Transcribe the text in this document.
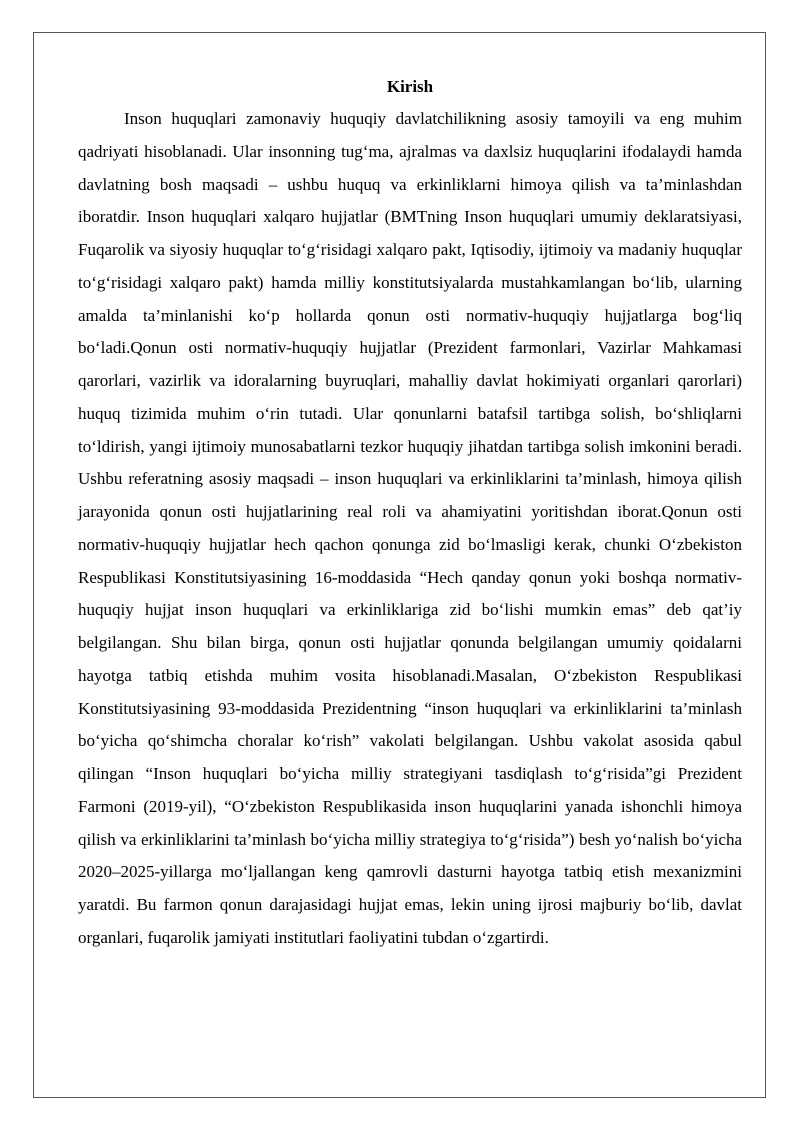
Kirish

Inson huquqlari zamonaviy huquqiy davlatchilikning asosiy tamoyili va eng muhim qadriyati hisoblanadi. Ular insonning tug‘ma, ajralmas va daxlsiz huquqlarini ifodalaydi hamda davlatning bosh maqsadi – ushbu huquq va erkinliklarni himoya qilish va ta’minlashdan iboratdir. Inson huquqlari xalqaro hujjatlar (BMTning Inson huquqlari umumiy deklaratsiyasi, Fuqarolik va siyosiy huquqlar to‘g‘risidagi xalqaro pakt, Iqtisodiy, ijtimoiy va madaniy huquqlar to‘g‘risidagi xalqaro pakt) hamda milliy konstitutsiyalarda mustahkamlangan bo‘lib, ularning amalda ta’minlanishi ko‘p hollarda qonun osti normativ-huquqiy hujjatlarga bog‘liq bo‘ladi.Qonun osti normativ-huquqiy hujjatlar (Prezident farmonlari, Vazirlar Mahkamasi qarorlari, vazirlik va idoralarning buyruqlari, mahalliy davlat hokimiyati organlari qarorlari) huquq tizimida muhim o‘rin tutadi. Ular qonunlarni batafsil tartibga solish, bo‘shliqlarni to‘ldirish, yangi ijtimoiy munosabatlarni tezkor huquqiy jihatdan tartibga solish imkonini beradi. Ushbu referatning asosiy maqsadi – inson huquqlari va erkinliklarini ta’minlash, himoya qilish jarayonida qonun osti hujjatlarining real roli va ahamiyatini yoritishdan iborat.Qonun osti normativ-huquqiy hujjatlar hech qachon qonunga zid bo‘lmasligi kerak, chunki O‘zbekiston Respublikasi Konstitutsiyasining 16-moddasida “Hech qanday qonun yoki boshqa normativ-huquqiy hujjat inson huquqlari va erkinliklariga zid bo‘lishi mumkin emas” deb qat’iy belgilangan. Shu bilan birga, qonun osti hujjatlar qonunda belgilangan umumiy qoidalarni hayotga tatbiq etishda muhim vosita hisoblanadi.Masalan, O‘zbekiston Respublikasi Konstitutsiyasining 93-moddasida Prezidentning “inson huquqlari va erkinliklarini ta’minlash bo‘yicha qo‘shimcha choralar ko‘rish” vakolati belgilangan. Ushbu vakolat asosida qabul qilingan “Inson huquqlari bo‘yicha milliy strategiyani tasdiqlash to‘g‘risida”gi Prezident Farmoni (2019-yil), “O‘zbekiston Respublikasida inson huquqlarini yanada ishonchli himoya qilish va erkinliklarini ta’minlash bo‘yicha milliy strategiya to‘g‘risida”) besh yo‘nalish bo‘yicha 2020–2025-yillarga mo‘ljallangan keng qamrovli dasturni hayotga tatbiq etish mexanizmini yaratdi. Bu farmon qonun darajasidagi hujjat emas, lekin uning ijrosi majburiy bo‘lib, davlat organlari, fuqarolik jamiyati institutlari faoliyatini tubdan o‘zgartirdi.
